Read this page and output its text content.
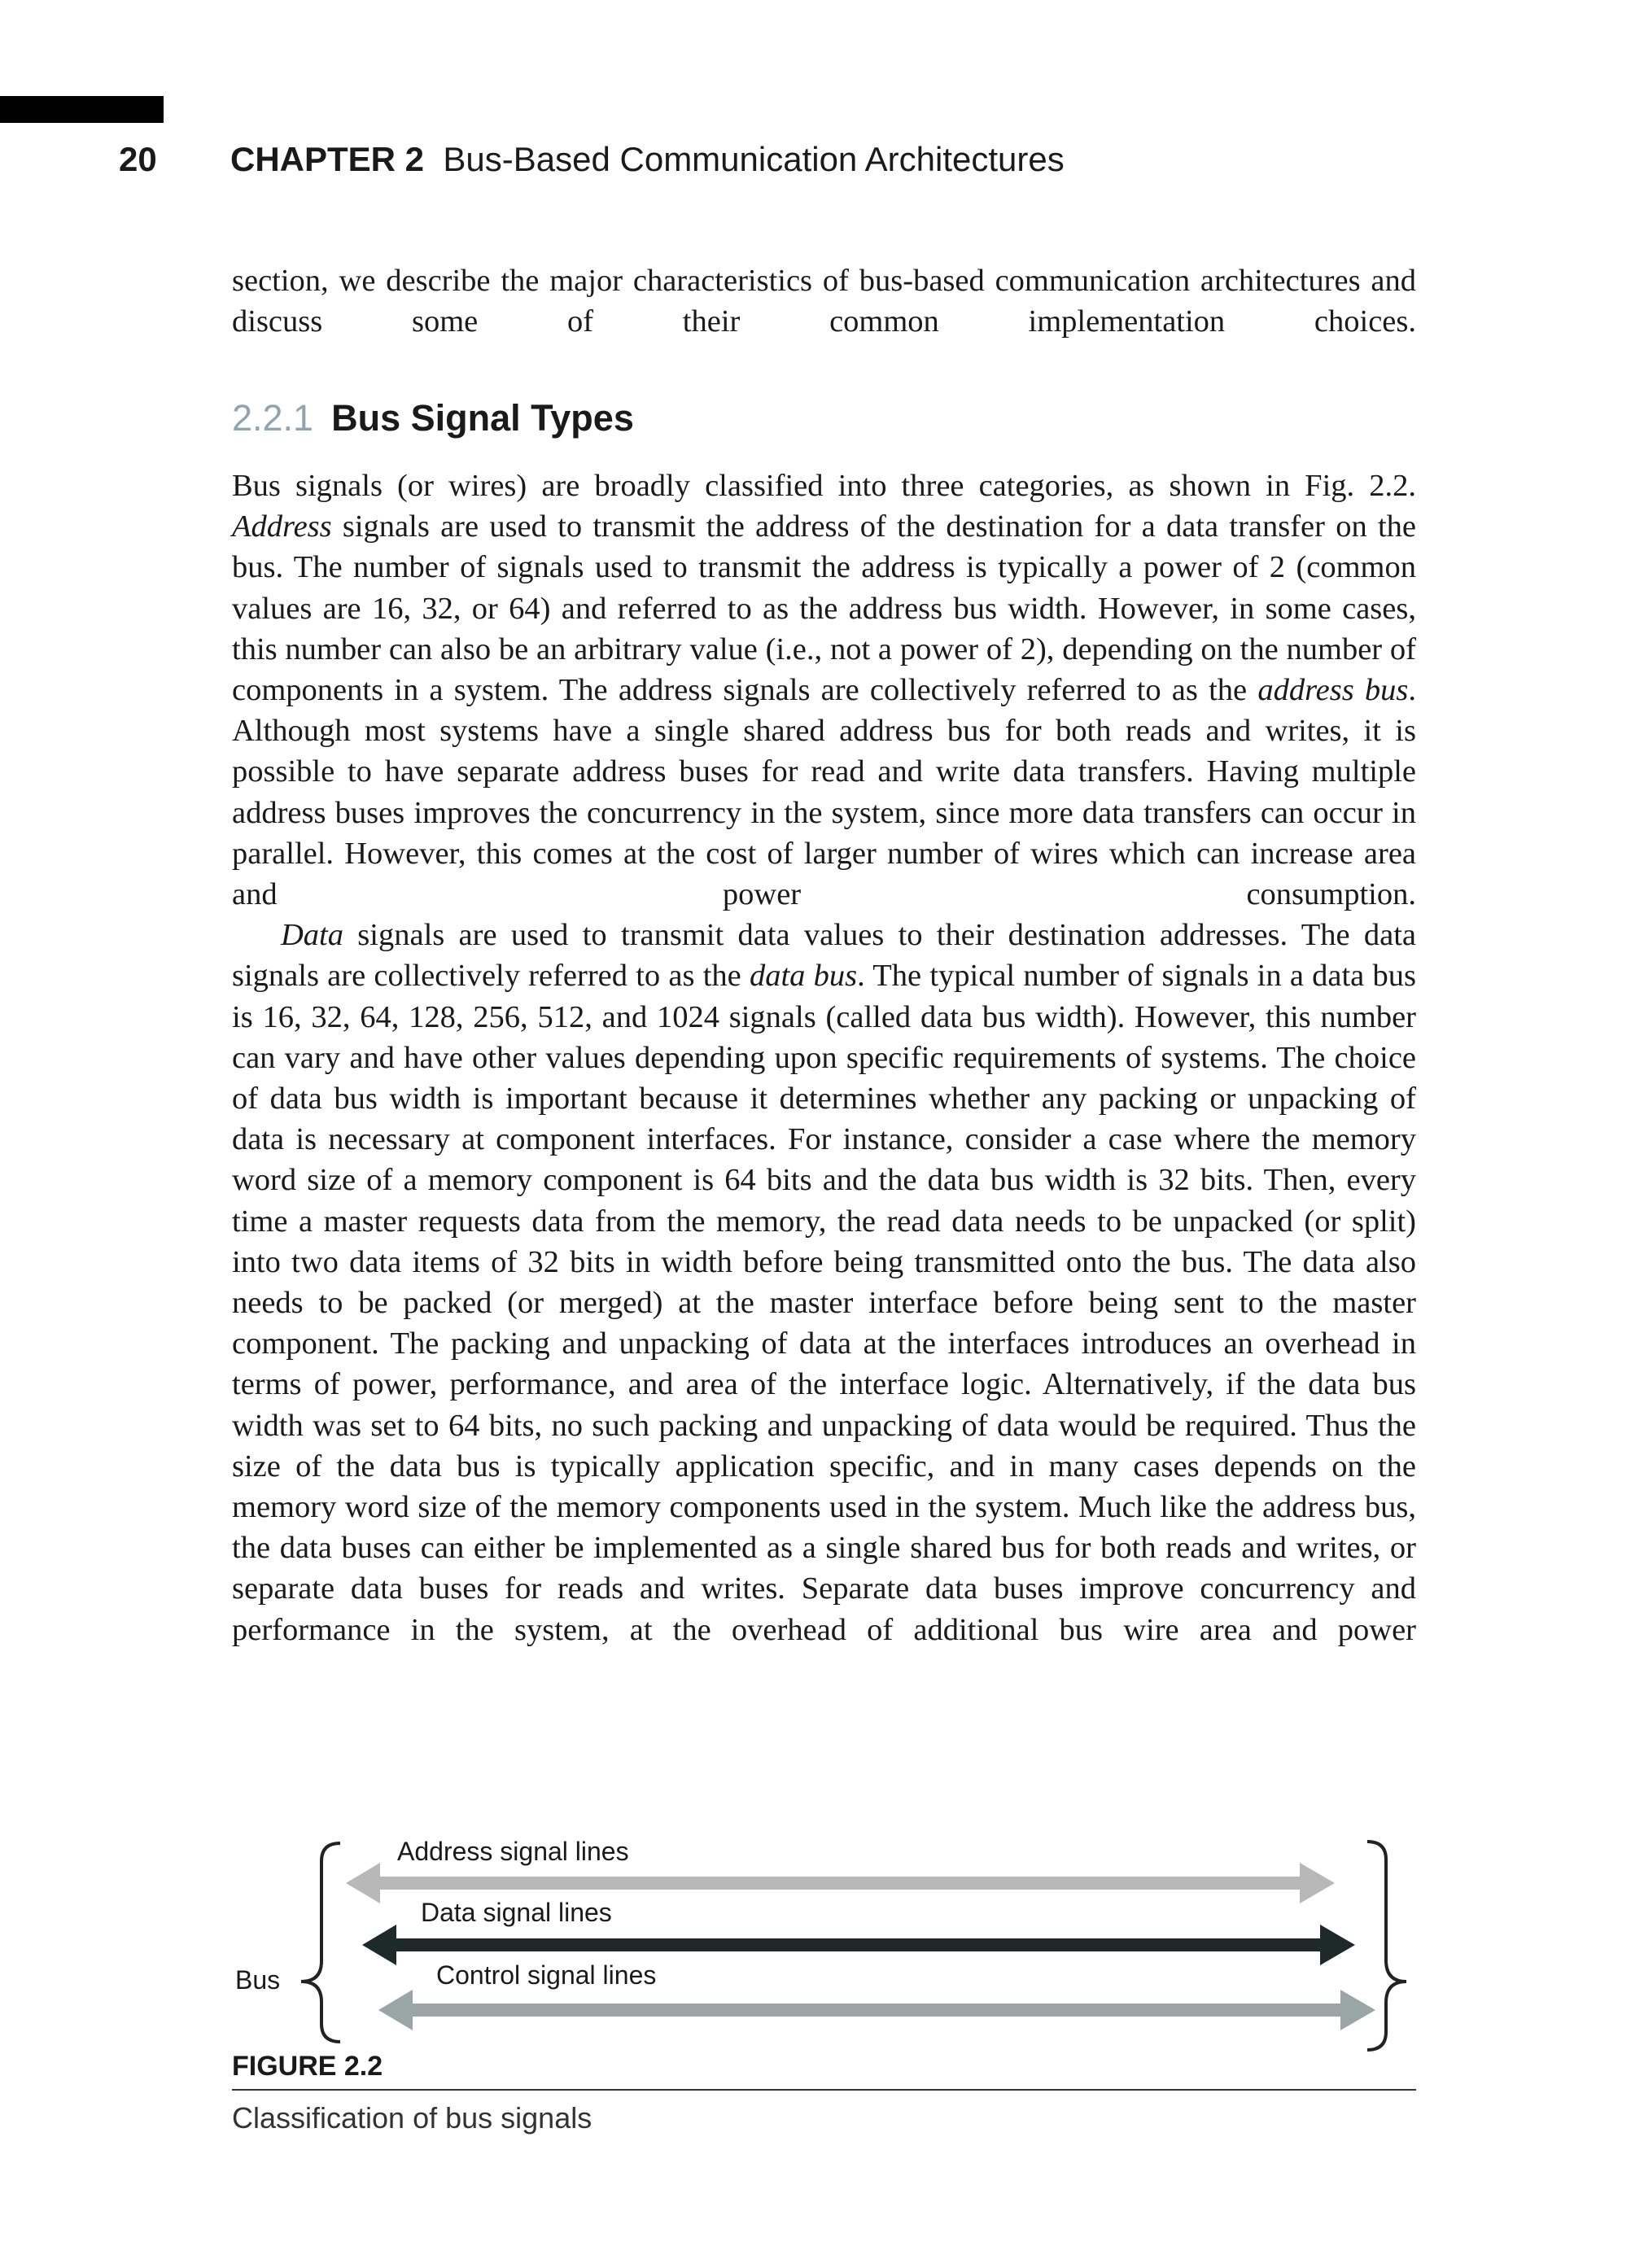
20 CHAPTER 2 Bus-Based Communication Architectures
section, we describe the major characteristics of bus-based communication architectures and discuss some of their common implementation choices.
2.2.1 Bus Signal Types
Bus signals (or wires) are broadly classified into three categories, as shown in Fig. 2.2. Address signals are used to transmit the address of the destination for a data transfer on the bus. The number of signals used to transmit the address is typically a power of 2 (common values are 16, 32, or 64) and referred to as the address bus width. However, in some cases, this number can also be an arbitrary value (i.e., not a power of 2), depending on the number of components in a system. The address signals are collectively referred to as the address bus. Although most systems have a single shared address bus for both reads and writes, it is possible to have separate address buses for read and write data transfers. Having multiple address buses improves the concurrency in the system, since more data transfers can occur in parallel. However, this comes at the cost of larger number of wires which can increase area and power consumption.
Data signals are used to transmit data values to their destination addresses. The data signals are collectively referred to as the data bus. The typical number of signals in a data bus is 16, 32, 64, 128, 256, 512, and 1024 signals (called data bus width). However, this number can vary and have other values depending upon specific requirements of systems. The choice of data bus width is important because it determines whether any packing or unpacking of data is necessary at component interfaces. For instance, consider a case where the memory word size of a memory component is 64 bits and the data bus width is 32 bits. Then, every time a master requests data from the memory, the read data needs to be unpacked (or split) into two data items of 32 bits in width before being transmitted onto the bus. The data also needs to be packed (or merged) at the master interface before being sent to the master component. The packing and unpacking of data at the interfaces introduces an overhead in terms of power, performance, and area of the interface logic. Alternatively, if the data bus width was set to 64 bits, no such packing and unpacking of data would be required. Thus the size of the data bus is typically application specific, and in many cases depends on the memory word size of the memory components used in the system. Much like the address bus, the data buses can either be implemented as a single shared bus for both reads and writes, or separate data buses for reads and writes. Separate data buses improve concurrency and performance in the system, at the overhead of additional bus wire area and power
Bus
Address signal lines
Data signal lines
Control signal lines
FIGURE 2.2
Classification of bus signals
